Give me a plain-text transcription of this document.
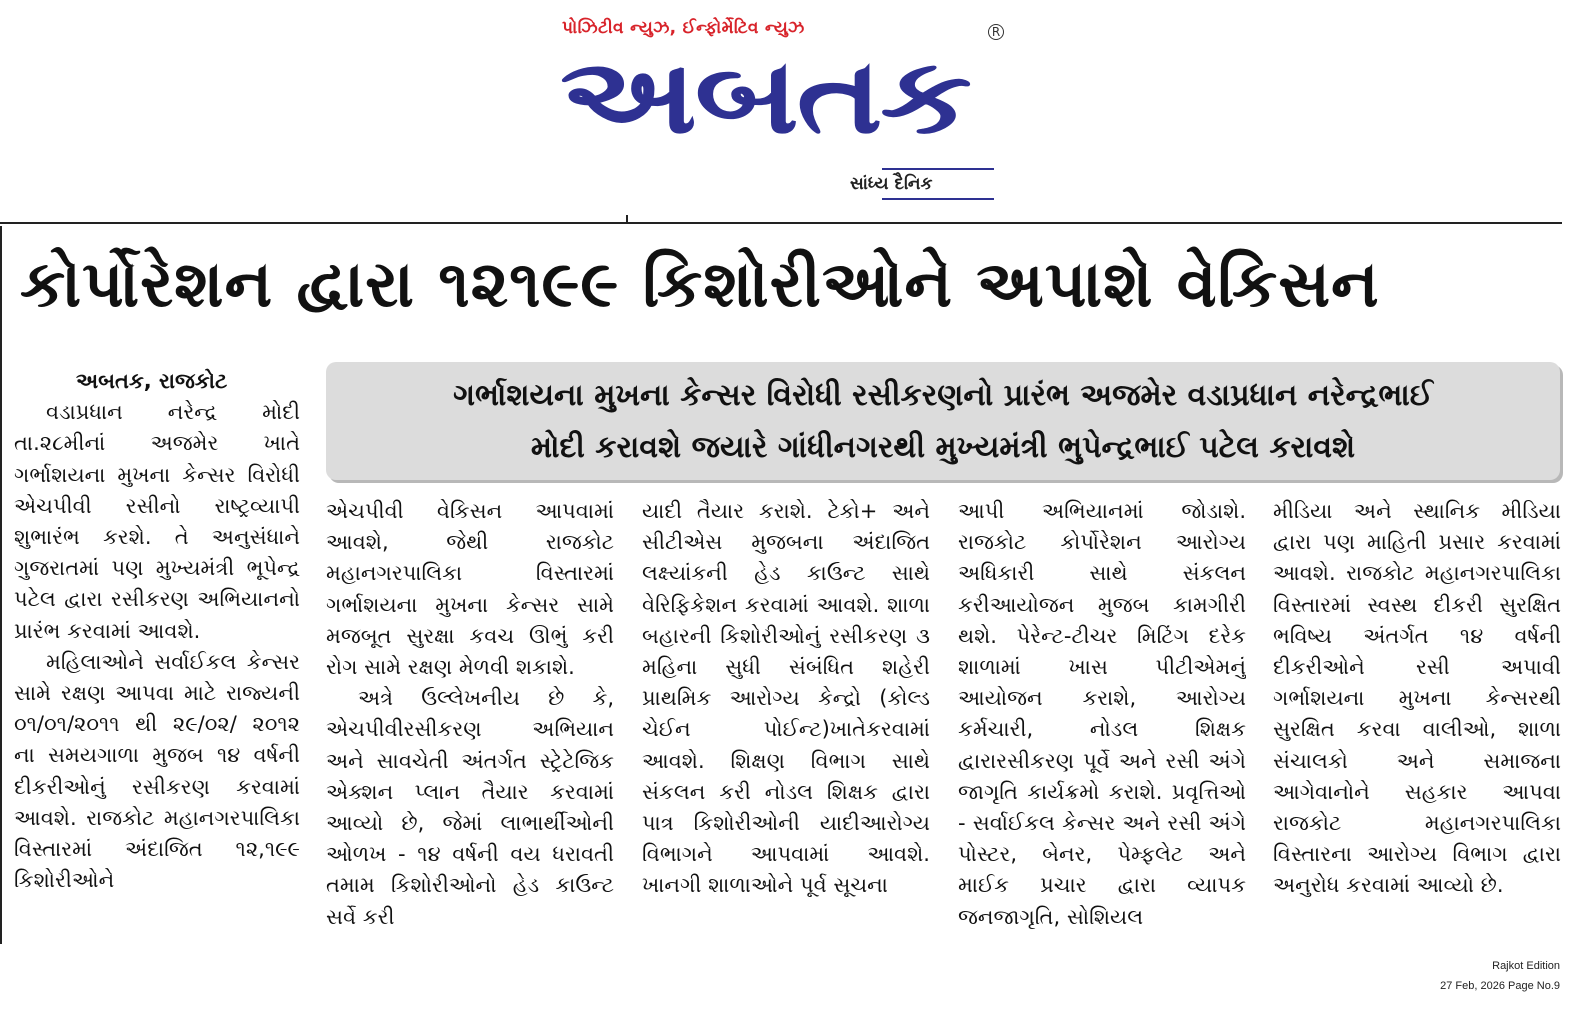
પોઝિટીવ ન્યુઝ, ઈન્ફોર્મેટિવ ન્યુઝ	R
અબતક
સાંધ્ય દૈનિક
કોર્પોરેશન દ્વારા ૧૨૧૯૯ કિશોરીઓને અપાશે વેકિસન

ગર્ભાશયના મુખના કેન્સર વિરોધી રસીકરણનો પ્રારંભ અજમેર વડાપ્રધાન નરેન્દ્રભાઈ

મોદી કરાવશે જયારે ગાંધીનગરથી મુખ્યમંત્રી ભુપેન્દ્રભાઈ પટેલ કરાવશે

અબતક, રાજકોટ

વડાપ્રધાન નરેન્દ્ર મોદી તા.૨૮મીનાં અજમેર ખાતે ગર્ભાશયના મુખના કેન્સર વિરોધી એચપીવી રસીનો રાષ્ટ્રવ્યાપી શુભારંભ કરશે. તે અનુસંધાને ગુજરાતમાં પણ મુખ્યમંત્રી ભૂપેન્દ્ર પટેલ દ્વારા રસીકરણ અભિયાનનો પ્રારંભ કરવામાં આવશે.

મહિલાઓને સર્વાઈકલ કેન્સર સામે રક્ષણ આપવા માટે રાજ્યની ૦૧/૦૧/૨૦૧૧ થી ૨૯/૦૨/ ૨૦૧૨ ના સમયગાળા મુજબ ૧૪ વર્ષની દીકરીઓનું રસીકરણ કરવામાં આવશે. રાજકોટ મહાનગરપાલિકા વિસ્તારમાં અંદાજિત ૧૨,૧૯૯ કિશોરીઓને

એચપીવી વેકિસન આપવામાં આવશે, જેથી રાજકોટ મહાનગરપાલિકા વિસ્તારમાં ગર્ભાશયના મુખના કેન્સર સામે મજબૂત સુરક્ષા કવચ ઊભું કરી રોગ સામે રક્ષણ મેળવી શકાશે.

અત્રે ઉલ્લેખનીય છે કે, એચપીવીરસીકરણ અભિયાન અને સાવચેતી અંતર્ગત સ્ટ્રેટેજિક એક્શન પ્લાન તૈયાર કરવામાં આવ્યો છે, જેમાં લાભાર્થીઓની ઓળખ - ૧૪ વર્ષની વય ધરાવતી તમામ કિશોરીઓનો હેડ કાઉન્ટ સર્વે કરી

યાદી તૈયાર કરાશે. ટેકો+ અને સીટીએસ મુજબના અંદાજિત લક્ષ્યાંકની હેડ કાઉન્ટ સાથે વેરિફિકેશન કરવામાં આવશે. શાળા બહારની કિશોરીઓનું રસીકરણ ૩ મહિના સુધી સંબંધિત શહેરી પ્રાથમિક આરોગ્ય કેન્દ્રો (કોલ્ડ ચેઈન પોઈન્ટ)ખાતેકરવામાં આવશે. શિક્ષણ વિભાગ સાથે સંકલન કરી નોડલ શિક્ષક દ્વારા પાત્ર કિશોરીઓની યાદીઆરોગ્ય વિભાગને આપવામાં આવશે. ખાનગી શાળાઓને પૂર્વ સૂચના

આપી અભિયાનમાં જોડાશે. રાજકોટ કોર્પોરેશન આરોગ્ય અધિકારી સાથે સંકલન કરીઆયોજન મુજબ કામગીરી થશે. પેરેન્ટ-ટીચર મિટિંગ દરેક શાળામાં ખાસ પીટીએમનું આયોજન કરાશે, આરોગ્ય કર્મચારી, નોડલ શિક્ષક દ્વારારસીકરણ પૂર્વે અને રસી અંગે જાગૃતિ કાર્યક્રમો કરાશે. પ્રવૃત્તિઓ - સર્વાઈકલ કેન્સર અને રસી અંગે પોસ્ટર, બેનર, પેમ્ફલેટ અને માઈક પ્રચાર દ્વારા વ્યાપક જનજાગૃતિ, સોશિયલ

મીડિયા અને સ્થાનિક મીડિયા દ્વારા પણ માહિતી પ્રસાર કરવામાં આવશે. રાજકોટ મહાનગરપાલિકા વિસ્તારમાં સ્વસ્થ દીકરી સુરક્ષિત ભવિષ્ય અંતર્ગત ૧૪ વર્ષની દીકરીઓને રસી અપાવી ગર્ભાશયના મુખના કેન્સરથી સુરક્ષિત કરવા વાલીઓ, શાળા સંચાલકો અને સમાજના આગેવાનોને સહકાર આપવા રાજકોટ મહાનગરપાલિકા વિસ્તારના આરોગ્ય વિભાગ દ્વારા અનુરોધ કરવામાં આવ્યો છે.

Rajkot Edition
27 Feb, 2026 Page No.9
